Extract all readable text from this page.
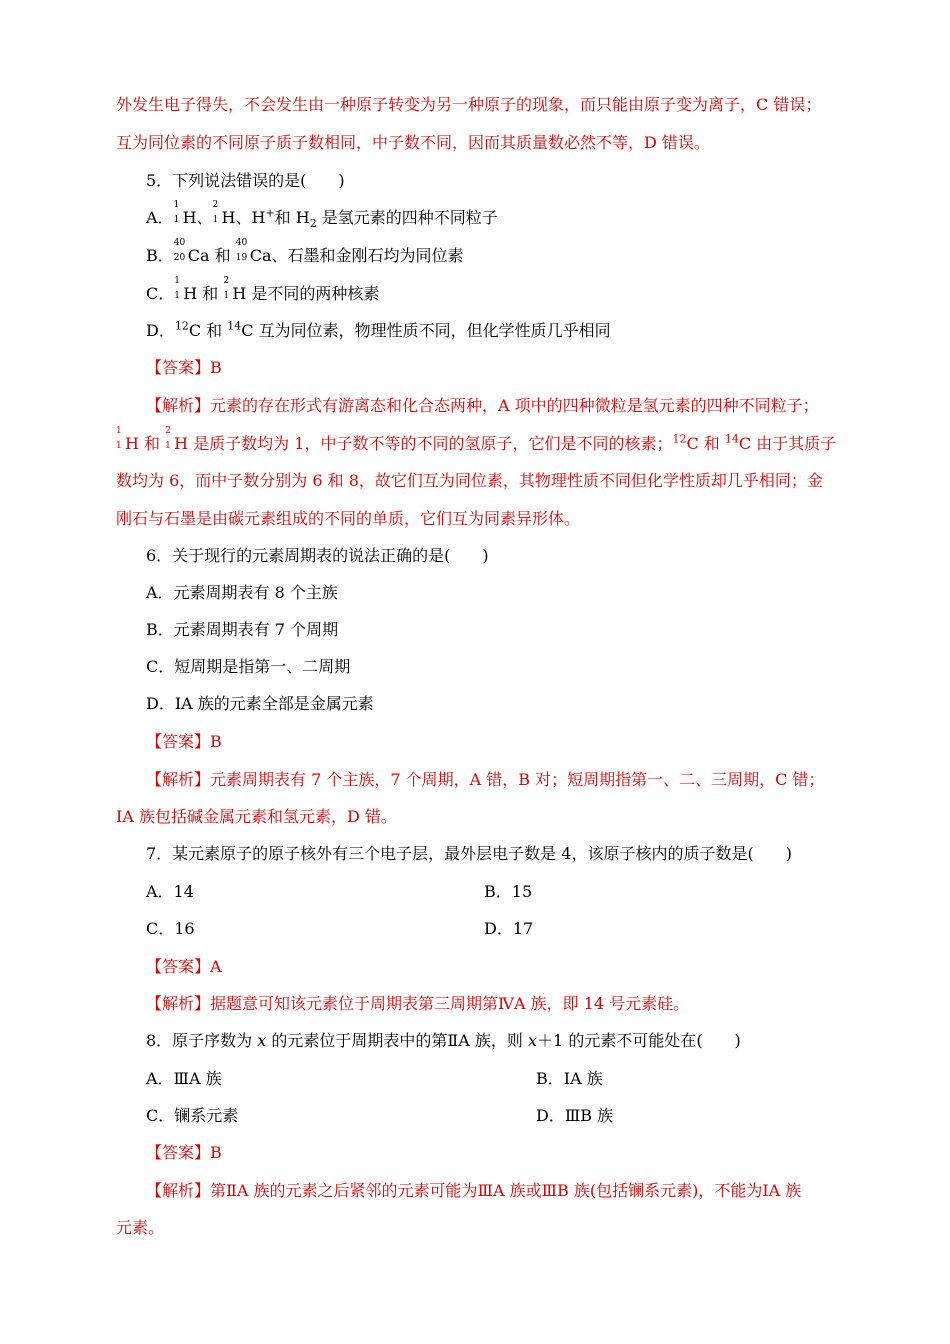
外发生电子得失，不会发生由一种原子转变为另一种原子的现象，而只能由原子变为离子，C 错误；
互为同位素的不同原子质子数相同，中子数不同，因而其质量数必然不等，D 错误。
5．下列说法错误的是(　　)
A．
1
1 H、
2
1 H、H+和 $H_2$ 是氢元素的四种不同粒子
B．
40
20 Ca 和
40
19 Ca、石墨和金刚石均为同位素
C．
1
1 H 和
2
1 H 是不同的两种核素
D．$^{12}$C 和 $^{14}$C 互为同位素，物理性质不同，但化学性质几乎相同
【答案】B
【解析】元素的存在形式有游离态和化合态两种，A 项中的四种微粒是氢元素的四种不同粒子；
1
1 H 和
2
1 H 是质子数均为 1，中子数不等的不同的氢原子，它们是不同的核素；$^{12}$C 和 $^{14}$C 由于其质子
数均为 6，而中子数分别为 6 和 8，故它们互为同位素，其物理性质不同但化学性质却几乎相同；金
刚石与石墨是由碳元素组成的不同的单质，它们互为同素异形体。
6．关于现行的元素周期表的说法正确的是(　　)
A．元素周期表有 8 个主族
B．元素周期表有 7 个周期
C．短周期是指第一、二周期
D．ⅠA 族的元素全部是金属元素
【答案】B
【解析】元素周期表有 7 个主族，7 个周期，A 错，B 对；短周期指第一、二、三周期，C 错；
ⅠA 族包括碱金属元素和氢元素，D 错。
7．某元素原子的原子核外有三个电子层，最外层电子数是 4，该原子核内的质子数是(　　)
A．14	B．15
C．16	D．17
【答案】A
【解析】据题意可知该元素位于周期表第三周期第ⅣA 族，即 14 号元素硅。
8．原子序数为 x 的元素位于周期表中的第ⅡA 族，则 x＋1 的元素不可能处在(　　)
A．ⅢA 族	B．ⅠA 族
C．镧系元素	D．ⅢB 族
【答案】B
【解析】第ⅡA 族的元素之后紧邻的元素可能为ⅢA 族或ⅢB 族(包括镧系元素)，不能为ⅠA 族
元素。
